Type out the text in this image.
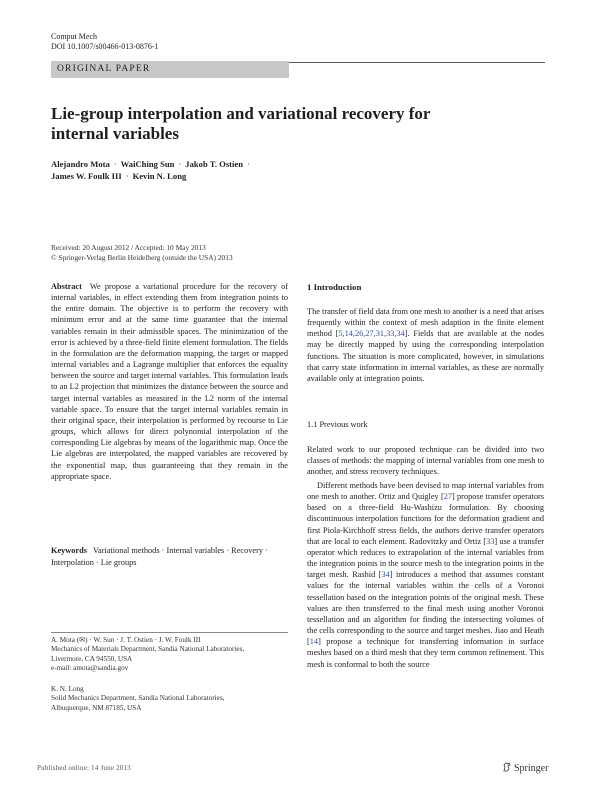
Comput Mech
DOI 10.1007/s00466-013-0876-1
ORIGINAL PAPER
Lie-group interpolation and variational recovery for internal variables
Alejandro Mota · WaiChing Sun · Jakob T. Ostien ·
James W. Foulk III · Kevin N. Long
Received: 20 August 2012 / Accepted: 10 May 2013
© Springer-Verlag Berlin Heidelberg (outside the USA) 2013
Abstract We propose a variational procedure for the recovery of internal variables, in effect extending them from integration points to the entire domain. The objective is to perform the recovery with minimum error and at the same time guarantee that the internal variables remain in their admissible spaces. The minimization of the error is achieved by a three-field finite element formulation. The fields in the formulation are the deformation mapping, the target or mapped internal variables and a Lagrange multiplier that enforces the equality between the source and target internal variables. This formulation leads to an L2 projection that minimizes the distance between the source and target internal variables as measured in the L2 norm of the internal variable space. To ensure that the target internal variables remain in their original space, their interpolation is performed by recourse to Lie groups, which allows for direct polynomial interpolation of the corresponding Lie algebras by means of the logarithmic map. Once the Lie algebras are interpolated, the mapped variables are recovered by the exponential map, thus guaranteeing that they remain in the appropriate space.
Keywords Variational methods · Internal variables · Recovery · Interpolation · Lie groups
A. Mota (✉) · W. Sun · J. T. Ostien · J. W. Foulk III
Mechanics of Materials Department, Sandia National Laboratories,
Livermore, CA 94550, USA
e-mail: amota@sandia.gov
K. N. Long
Solid Mechanics Department, Sandia National Laboratories,
Albuquerque, NM 87185, USA
1 Introduction
The transfer of field data from one mesh to another is a need that arises frequently within the context of mesh adaption in the finite element method [5,14,26,27,31,33,34]. Fields that are available at the nodes may be directly mapped by using the corresponding interpolation functions. The situation is more complicated, however, in simulations that carry state information in internal variables, as these are normally available only at integration points.
1.1 Previous work
Related work to our proposed technique can be divided into two classes of methods: the mapping of internal variables from one mesh to another, and stress recovery techniques.
Different methods have been devised to map internal variables from one mesh to another. Ortiz and Quigley [27] propose transfer operators based on a three-field Hu-Washizu formulation. By choosing discontinuous interpolation functions for the deformation gradient and first Piola-Kirchhoff stress fields, the authors derive transfer operators that are local to each element. Radovitzky and Ortiz [33] use a transfer operator which reduces to extrapolation of the internal variables from the integration points in the source mesh to the integration points in the target mesh. Rashid [34] introduces a method that assumes constant values for the internal variables within the cells of a Voronoi tessellation based on the integration points of the original mesh. These values are then transferred to the final mesh using another Voronoi tessellation and an algorithm for finding the intersecting volumes of the cells corresponding to the source and target meshes. Jiao and Heath [14] propose a technique for transferring information in surface meshes based on a third mesh that they term common refinement. This mesh is conformal to both the source
Published online: 14 June 2013	Springer
